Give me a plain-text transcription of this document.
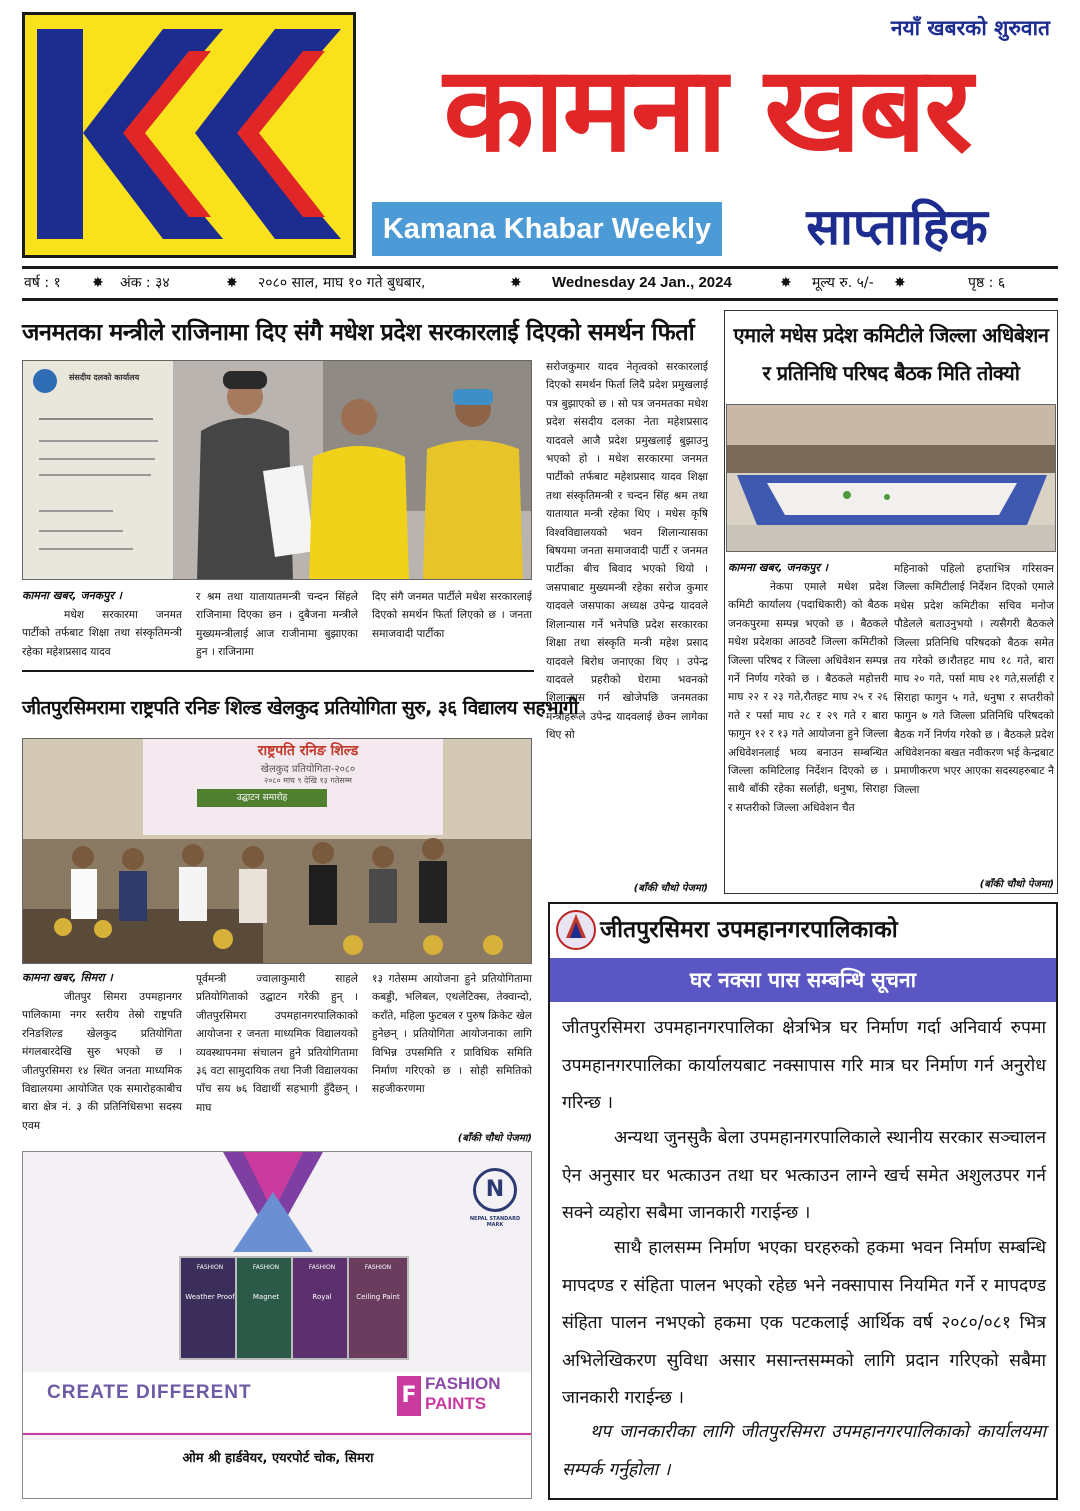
नयाँ खबरको शुरुवात
कामना खबर
Kamana Khabar Weekly	साप्ताहिक
वर्ष : १ ✸ अंक : ३४	✸ २०८० साल, माघ १० गते बुधबार,	✸ Wednesday 24 Jan., 2024	✸ मूल्य रु. ५/- ✸	पृष्ठ : ६
जनमतका मन्त्रीले राजिनामा दिए संगै मधेश प्रदेश सरकारलाई दिएको समर्थन फिर्ता
संसदीय दलको कार्यालय
कामना खबर, जनकपुर ।
मधेश सरकारमा जनमत पार्टीको तर्फबाट शिक्षा तथा संस्कृतिमन्त्री रहेका महेशप्रसाद यादव
र श्रम तथा यातायातमन्त्री चन्दन सिंहले राजिनामा दिएका छन । दुबैजना मन्त्रीले मुख्यमन्त्रीलाई आज राजीनामा बुझाएका हुन । राजिनामा
दिए संगै जनमत पार्टीले मधेश सरकारलाई दिएको समर्थन फिर्ता लिएको छ । जनता समाजवादी पार्टीका
सरोजकुमार यादव नेतृत्वको सरकारलाई दिएको समर्थन फिर्ता लिदै प्रदेश प्रमुखलाई पत्र बुझाएको छ । सो पत्र जनमतका मधेश प्रदेश संसदीय दलका नेता महेशप्रसाद यादवले आजै प्रदेश प्रमुखलाई बुझाउनु भएको हो । मधेश सरकारमा जनमत पार्टीको तर्फबाट महेशप्रसाद यादव शिक्षा तथा संस्कृतिमन्त्री र चन्दन सिंह श्रम तथा यातायात मन्त्री रहेका थिए । मधेस कृषि विश्वविद्यालयको भवन शिलान्यासका बिषयमा जनता समाजवादी पार्टी र जनमत पार्टीका बीच बिवाद भएको थियो । जसपाबाट मुख्यमन्त्री रहेका सरोज कुमार यादवले जसपाका अध्यक्ष उपेन्द्र यादवले शिलान्यास गर्ने भनेपछि प्रदेश सरकारका शिक्षा तथा संस्कृति मन्त्री महेश प्रसाद यादवले बिरोध जनाएका थिए । उपेन्द्र यादवले प्रहरीको घेरामा भवनको शिलान्यास गर्न खोजेपछि जनमतका मन्त्रीहरूले उपेन्द्र यादवलाई छेक्न लागेका थिए सो
(बाँकी चौथो पेजमा)
एमाले मधेस प्रदेश कमिटीले जिल्ला अधिबेशन र प्रतिनिधि परिषद बैठक मिति तोक्यो
कामना खबर, जनकपुर ।
नेकपा एमाले मधेश प्रदेश कमिटी कार्यालय (पदाधिकारी) को बैठक जनकपुरमा सम्पन्न भएको छ । बैठकले मधेश प्रदेशका आठवटै जिल्ला कमिटीको जिल्ला परिषद र जिल्ला अधिवेशन सम्पन्न गर्ने निर्णय गरेको छ । बैठकले महोत्तरी माघ २२ र २३ गते,रौतहट माघ २५ र २६ गते र पर्सा माघ २८ र २९ गते र बारा फागुन १२ र १३ गते आयोजना हुने जिल्ला अधिवेशनलाई भव्य बनाउन सम्बन्धित जिल्ला कमिटिलाइ निर्देशन दिएको छ । साथै बाँकी रहेका सर्लाही, धनुषा, सिराहा र सप्तरीको जिल्ला अधिवेशन चैत
महिनाको पहिलो हप्ताभित्र गरिसक्न जिल्ला कमिटीलाई निर्देशन दिएको एमाले मधेस प्रदेश कमिटीका सचिव मनोज पौडेलले बताउनुभयो । त्यसैगरी बैठकले जिल्ला प्रतिनिधि परिषदको बैठक समेत तय गरेको छ।रौतहट माघ १८ गते, बारा माघ २० गते, पर्सा माघ २१ गते,सर्लाही र सिराहा फागुन ५ गते, धनुषा र सप्तरीको फागुन ७ गते जिल्ला प्रतिनिधि परिषदको बैठक गर्ने निर्णय गरेको छ । बैठकले प्रदेश अधिवेशनका बखत नवीकरण भई केन्द्रबाट प्रमाणीकरण भएर आएका सदस्यहरुबाट नै जिल्ला
(बाँकी चौथो पेजमा)
जीतपुरसिमरामा राष्ट्रपति रनिङ शिल्ड खेलकुद प्रतियोगिता सुरु, ३६ विद्यालय सहभागी
राष्ट्रपति रनिङ शिल्ड
खेलकुद प्रतियोगिता-२०८०
२०८० माघ ९ देखि १३ गतेसम्म
उद्घाटन समारोह
कामना खबर, सिमरा ।
जीतपुर सिमरा उपमहानगर पालिकामा नगर स्तरीय तेस्रो राष्ट्रपति रनिङशिल्ड खेलकुद प्रतियोगिता मंगलबारदेखि सुरु भएको छ । जीतपुरसिमरा १४ स्थित जनता माध्यमिक विद्यालयमा आयोजित एक समारोहकाबीच बारा क्षेत्र नं. ३ की प्रतिनिधिसभा सदस्य एवम
पूर्वमन्त्री ज्वालाकुमारी साहले प्रतियोगिताको उद्घाटन गरेकी हुन् । जीतपुरसिमरा उपमहानगरपालिकाको आयोजना र जनता माध्यमिक विद्यालयको व्यवस्थापनमा संचालन हुने प्रतियोगितामा ३६ वटा सामुदायिक तथा निजी विद्यालयका पाँच सय ७६ विद्यार्थी सहभागी हुँदैछन् । माघ
१३ गतेसम्म आयोजना हुने प्रतियोगितामा कबड्डी, भलिबल, एथलेटिक्स, तेक्वान्दो, कराँते, महिला फुटबल र पुरुष क्रिकेट खेल हुनेछन् । प्रतियोगिता आयोजनाका लागि विभिन्न उपसमिति र प्राविधिक समिति निर्माण गरिएको छ । सोही समितिको सहजीकरणमा
(बाँकी चौथो पेजमा)
N
NEPAL STANDARD MARK
FASHION
Weather Proof
FASHION
Magnet
FASHION
Royal
FASHION
Ceiling Paint
CREATE DIFFERENT	F FASHION
PAINTS
ओम श्री हार्डवेयर, एयरपोर्ट चोक, सिमरा
जीतपुरसिमरा उपमहानगरपालिकाको
घर नक्सा पास सम्बन्धि सूचना
जीतपुरसिमरा उपमहानगरपालिका क्षेत्रभित्र घर निर्माण गर्दा अनिवार्य रुपमा उपमहानगरपालिका कार्यालयबाट नक्सापास गरि मात्र घर निर्माण गर्न अनुरोध गरिन्छ ।
अन्यथा जुनसुकै बेला उपमहानगरपालिकाले स्थानीय सरकार सञ्चालन ऐन अनुसार घर भत्काउन तथा घर भत्काउन लाग्ने खर्च समेत अशुलउपर गर्न सक्ने व्यहोरा सबैमा जानकारी गराईन्छ ।
साथै हालसम्म निर्माण भएका घरहरुको हकमा भवन निर्माण सम्बन्धि मापदण्ड र संहिता पालन भएको रहेछ भने नक्सापास नियमित गर्ने र मापदण्ड संहिता पालन नभएको हकमा एक पटकलाई आर्थिक वर्ष २०८०/०८१ भित्र अभिलेखिकरण सुविधा असार मसान्तसम्मको लागि प्रदान गरिएको सबैमा जानकारी गराईन्छ ।
थप जानकारीका लागि जीतपुरसिमरा उपमहानगरपालिकाको कार्यालयमा सम्पर्क गर्नुहोला ।
